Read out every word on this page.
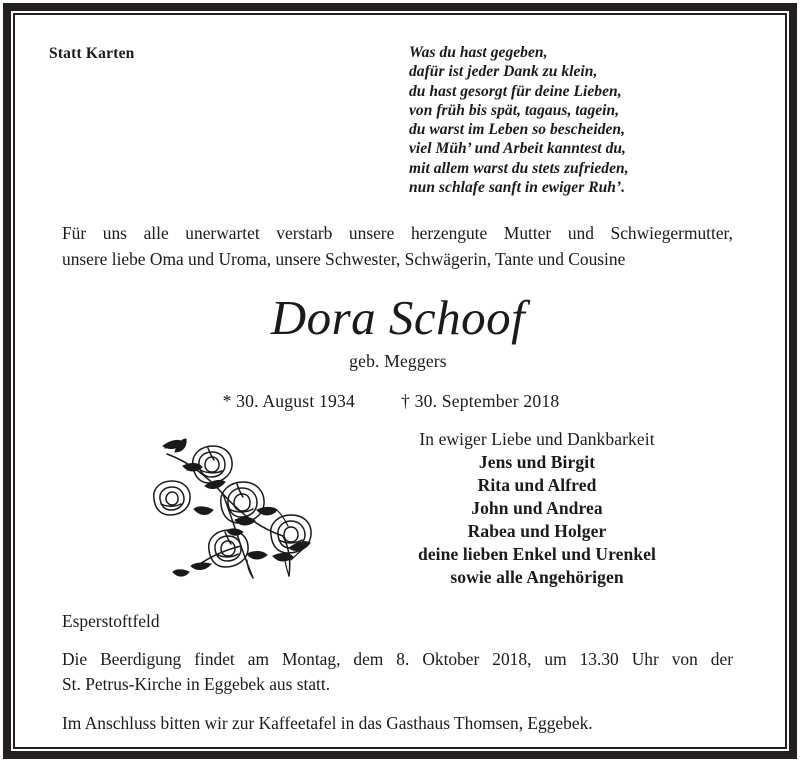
Statt Karten	Was du hast gegeben,
dafür ist jeder Dank zu klein,
du hast gesorgt für deine Lieben,
von früh bis spät, tagaus, tagein,
du warst im Leben so bescheiden,
viel Müh’ und Arbeit kanntest du,
mit allem warst du stets zufrieden,
nun schlafe sanft in ewiger Ruh’.
Für uns alle unerwartet verstarb unsere herzengute Mutter und Schwiegermutter,
unsere liebe Oma und Uroma, unsere Schwester, Schwägerin, Tante und Cousine
Dora Schoof
geb. Meggers
* 30. August 1934	† 30. September 2018
In ewiger Liebe und Dankbarkeit
Jens und Birgit
Rita und Alfred
John und Andrea
Rabea und Holger
deine lieben Enkel und Urenkel
sowie alle Angehörigen
Esperstoftfeld
Die Beerdigung findet am Montag, dem 8. Oktober 2018, um 13.30 Uhr von der
St. Petrus-Kirche in Eggebek aus statt.
Im Anschluss bitten wir zur Kaffeetafel in das Gasthaus Thomsen, Eggebek.
